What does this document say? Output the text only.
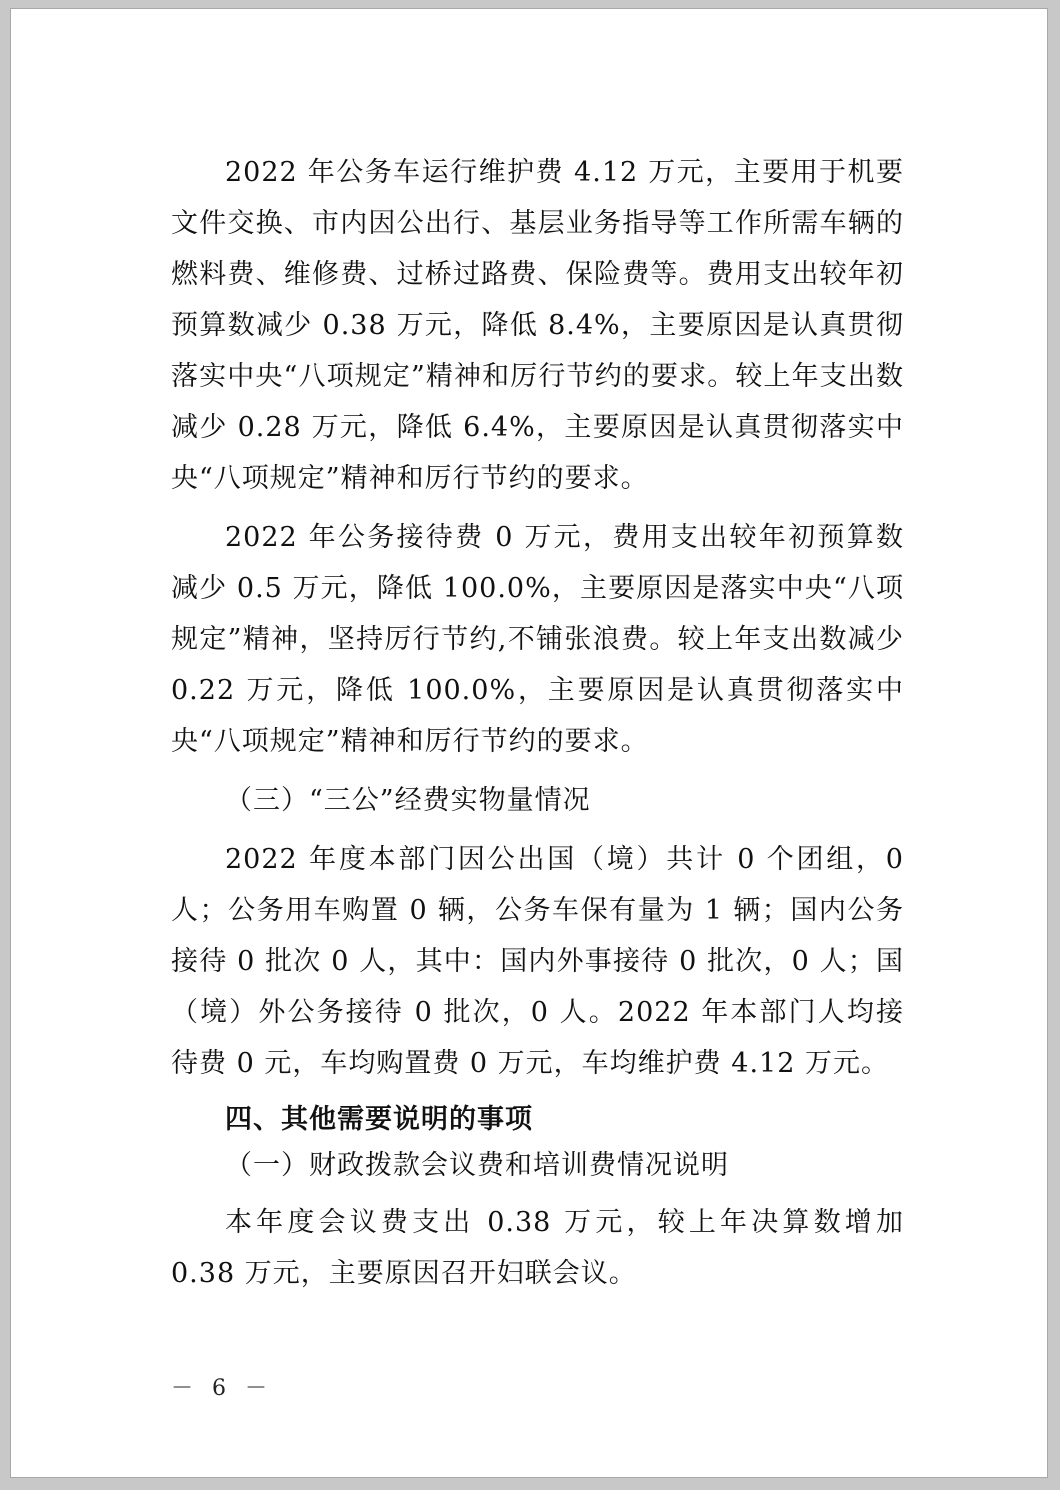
2022 年公务车运行维护费 4.12 万元，主要用于机要文件交换、市内因公出行、基层业务指导等工作所需车辆的燃料费、维修费、过桥过路费、保险费等。费用支出较年初预算数减少 0.38 万元，降低 8.4%，主要原因是认真贯彻落实中央“八项规定”精神和厉行节约的要求。较上年支出数减少 0.28 万元，降低 6.4%，主要原因是认真贯彻落实中央“八项规定”精神和厉行节约的要求。

2022 年公务接待费 0 万元，费用支出较年初预算数减少 0.5 万元，降低 100.0%，主要原因是落实中央“八项规定”精神，坚持厉行节约,不铺张浪费。较上年支出数减少 0.22 万元，降低 100.0%，主要原因是认真贯彻落实中央“八项规定”精神和厉行节约的要求。

（三）“三公”经费实物量情况

2022 年度本部门因公出国（境）共计 0 个团组，0 人；公务用车购置 0 辆，公务车保有量为 1 辆；国内公务接待 0 批次 0 人，其中：国内外事接待 0 批次，0 人；国（境）外公务接待 0 批次，0 人。2022 年本部门人均接待费 0 元，车均购置费 0 万元，车均维护费 4.12 万元。

四、其他需要说明的事项

（一）财政拨款会议费和培训费情况说明

本年度会议费支出 0.38 万元，较上年决算数增加 0.38 万元，主要原因召开妇联会议。

－ 6 －
